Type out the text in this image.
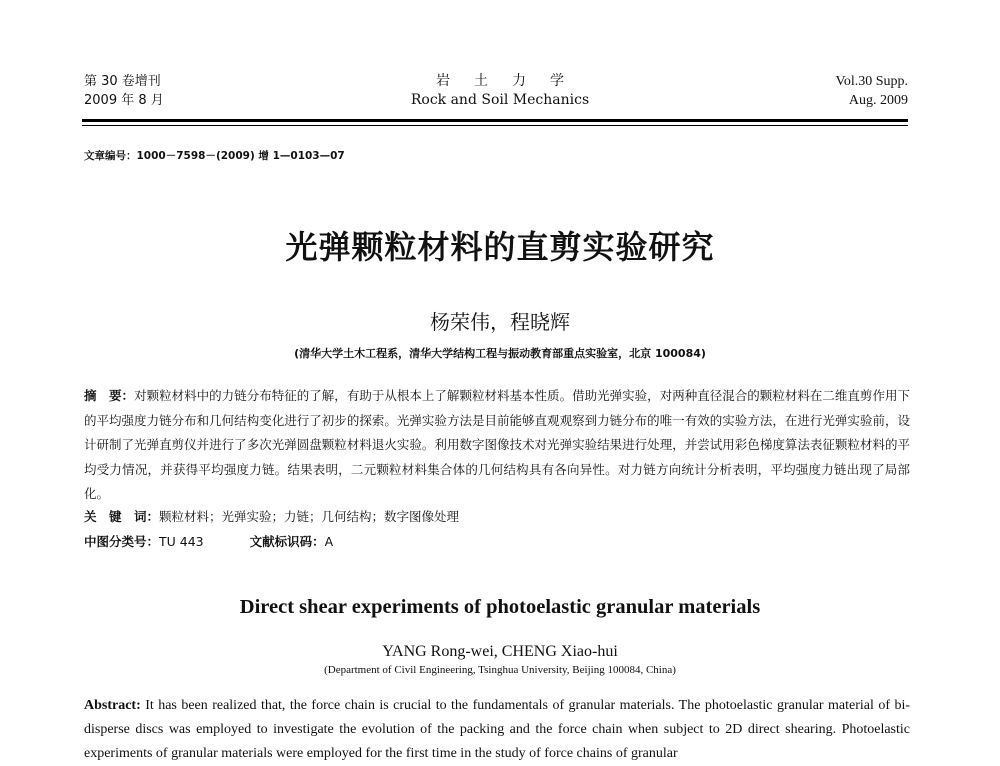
第 30 卷增刊
2009 年 8 月
岩土力学
Rock and Soil Mechanics
Vol.30 Supp.
Aug. 2009
文章编号：1000－7598－(2009) 增 1—0103—07
光弹颗粒材料的直剪实验研究
杨荣伟，程晓辉
(清华大学土木工程系，清华大学结构工程与振动教育部重点实验室，北京 100084)
摘　要：对颗粒材料中的力链分布特征的了解，有助于从根本上了解颗粒材料基本性质。借助光弹实验，对两种直径混合的颗粒材料在二维直剪作用下的平均强度力链分布和几何结构变化进行了初步的探索。光弹实验方法是目前能够直观观察到力链分布的唯一有效的实验方法，在进行光弹实验前，设计研制了光弹直剪仪并进行了多次光弹圆盘颗粒材料退火实验。利用数字图像技术对光弹实验结果进行处理，并尝试用彩色梯度算法表征颗粒材料的平均受力情况，并获得平均强度力链。结果表明，二元颗粒材料集合体的几何结构具有各向异性。对力链方向统计分析表明，平均强度力链出现了局部化。
关　键　词：颗粒材料；光弹实验；力链；几何结构；数字图像处理
中图分类号：TU 443	文献标识码：A
Direct shear experiments of photoelastic granular materials
YANG Rong-wei, CHENG Xiao-hui
(Department of Civil Engineering, Tsinghua University, Beijing 100084, China)
Abstract: It has been realized that, the force chain is crucial to the fundamentals of granular materials. The photoelastic granular material of bi-disperse discs was employed to investigate the evolution of the packing and the force chain when subject to 2D direct shearing. Photoelastic experiments of granular materials were employed for the first time in the study of force chains of granular
